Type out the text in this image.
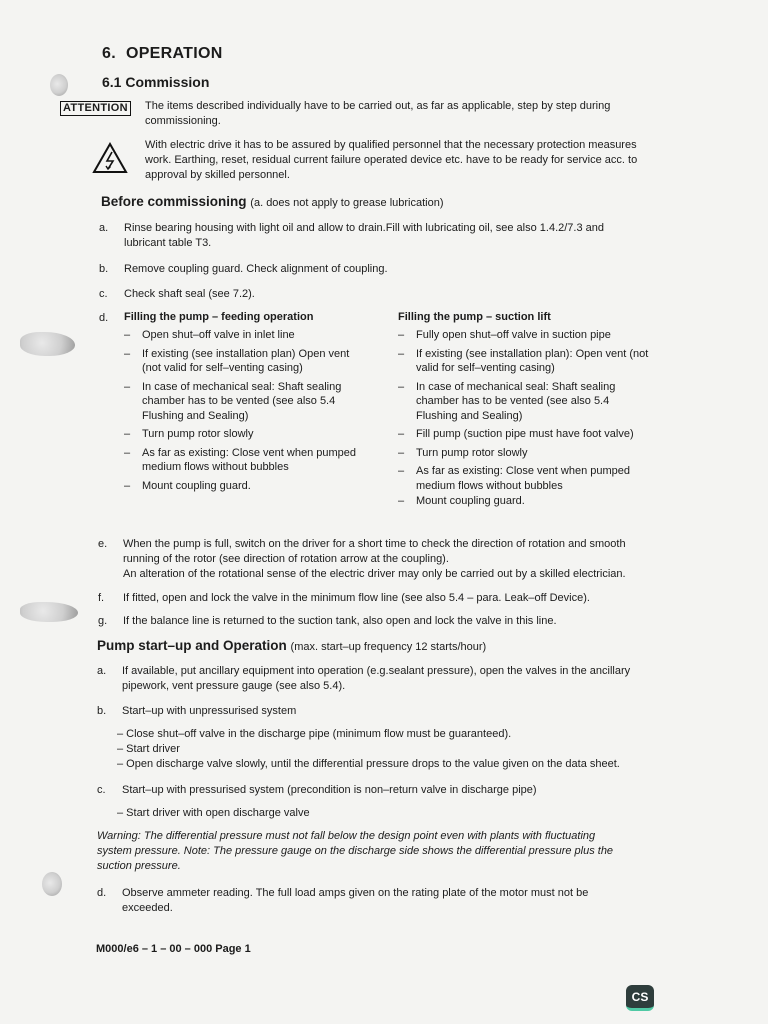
6. OPERATION
6.1 Commission
ATTENTION The items described individually have to be carried out, as far as applicable, step by step during

commissioning.

With electric drive it has to be assured by qualified personnel that the necessary protection measures

work. Earthing, reset, residual current failure operated device etc. have to be ready for service acc. to

approval by skilled personnel.

Before commissioning (a. does not apply to grease lubrication)
a.	Rinse bearing housing with light oil and allow to drain.Fill with lubricating oil, see also 1.4.2/7.3 and
lubricant table T3.
b.	Remove coupling guard. Check alignment of coupling.
c.	Check shaft seal (see 7.2).
d.	Filling the pump – feeding operation
– Open shut–off valve in inlet line
– If existing (see installation plan) Open vent
(not valid for self–venting casing)
– In case of mechanical seal: Shaft sealing
chamber has to be vented (see also 5.4
Flushing and Sealing)
– Turn pump rotor slowly
– As far as existing: Close vent when pumped
medium flows without bubbles
– Mount coupling guard.
Filling the pump – suction lift
– Fully open shut–off valve in suction pipe
– If existing (see installation plan): Open vent (not
valid for self–venting casing)
– In case of mechanical seal: Shaft sealing
chamber has to be vented (see also 5.4
Flushing and Sealing)
– Fill pump (suction pipe must have foot valve)
– Turn pump rotor slowly
– As far as existing: Close vent when pumped
medium flows without bubbles
– Mount coupling guard.
e.	When the pump is full, switch on the driver for a short time to check the direction of rotation and smooth
running of the rotor (see direction of rotation arrow at the coupling).
An alteration of the rotational sense of the electric driver may only be carried out by a skilled electrician.
f.	If fitted, open and lock the valve in the minimum flow line (see also 5.4 – para. Leak–off Device).
g.	If the balance line is returned to the suction tank, also open and lock the valve in this line.
Pump start–up and Operation (max. start–up frequency 12 starts/hour)
a.	If available, put ancillary equipment into operation (e.g.sealant pressure), open the valves in the ancillary
pipework, vent pressure gauge (see also 5.4).
b.	Start–up with unpressurised system

– Close shut–off valve in the discharge pipe (minimum flow must be guaranteed).

– Start driver

– Open discharge valve slowly, until the differential pressure drops to the value given on the data sheet.

c.	Start–up with pressurised system (precondition is non–return valve in discharge pipe)

– Start driver with open discharge valve

Warning: The differential pressure must not fall below the design point even with plants with fluctuating
system pressure. Note: The pressure gauge on the discharge side shows the differential pressure plus the
suction pressure.
d.	Observe ammeter reading. The full load amps given on the rating plate of the motor must not be
exceeded.
M000/e6 – 1 – 00 – 000 Page 1
CS
